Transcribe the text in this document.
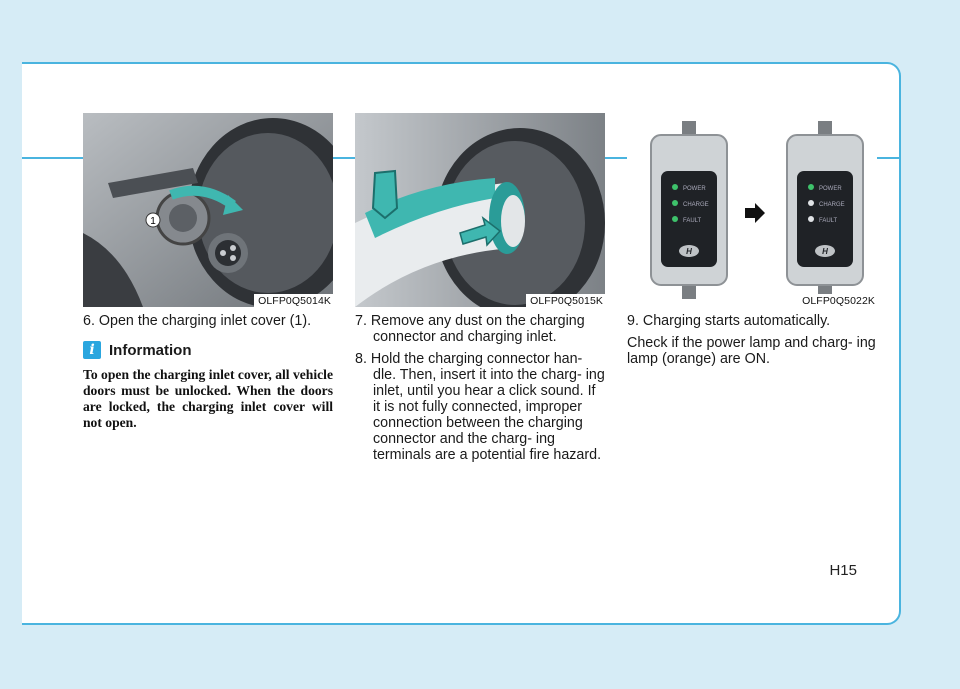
H15
1
OLFP0Q5014K

6. Open the charging inlet cover (1).

i Information
To open the charging inlet cover, all vehicle doors must be unlocked. When the doors are locked, the charging inlet cover will not open.
OLFP0Q5015K

7. Remove any dust on the charging connector and charging inlet.

8. Hold the charging connector han- dle. Then, insert it into the charg- ing inlet, until you hear a click sound. If it is not fully connected, improper connection between the charging connector and the charg- ing terminals are a potential fire hazard.

POWER
CHARGE
FAULT
H
POWER
CHARGE
FAULT
H
OLFP0Q5022K

9. Charging starts automatically.

Check if the power lamp and charg- ing lamp (orange) are ON.
